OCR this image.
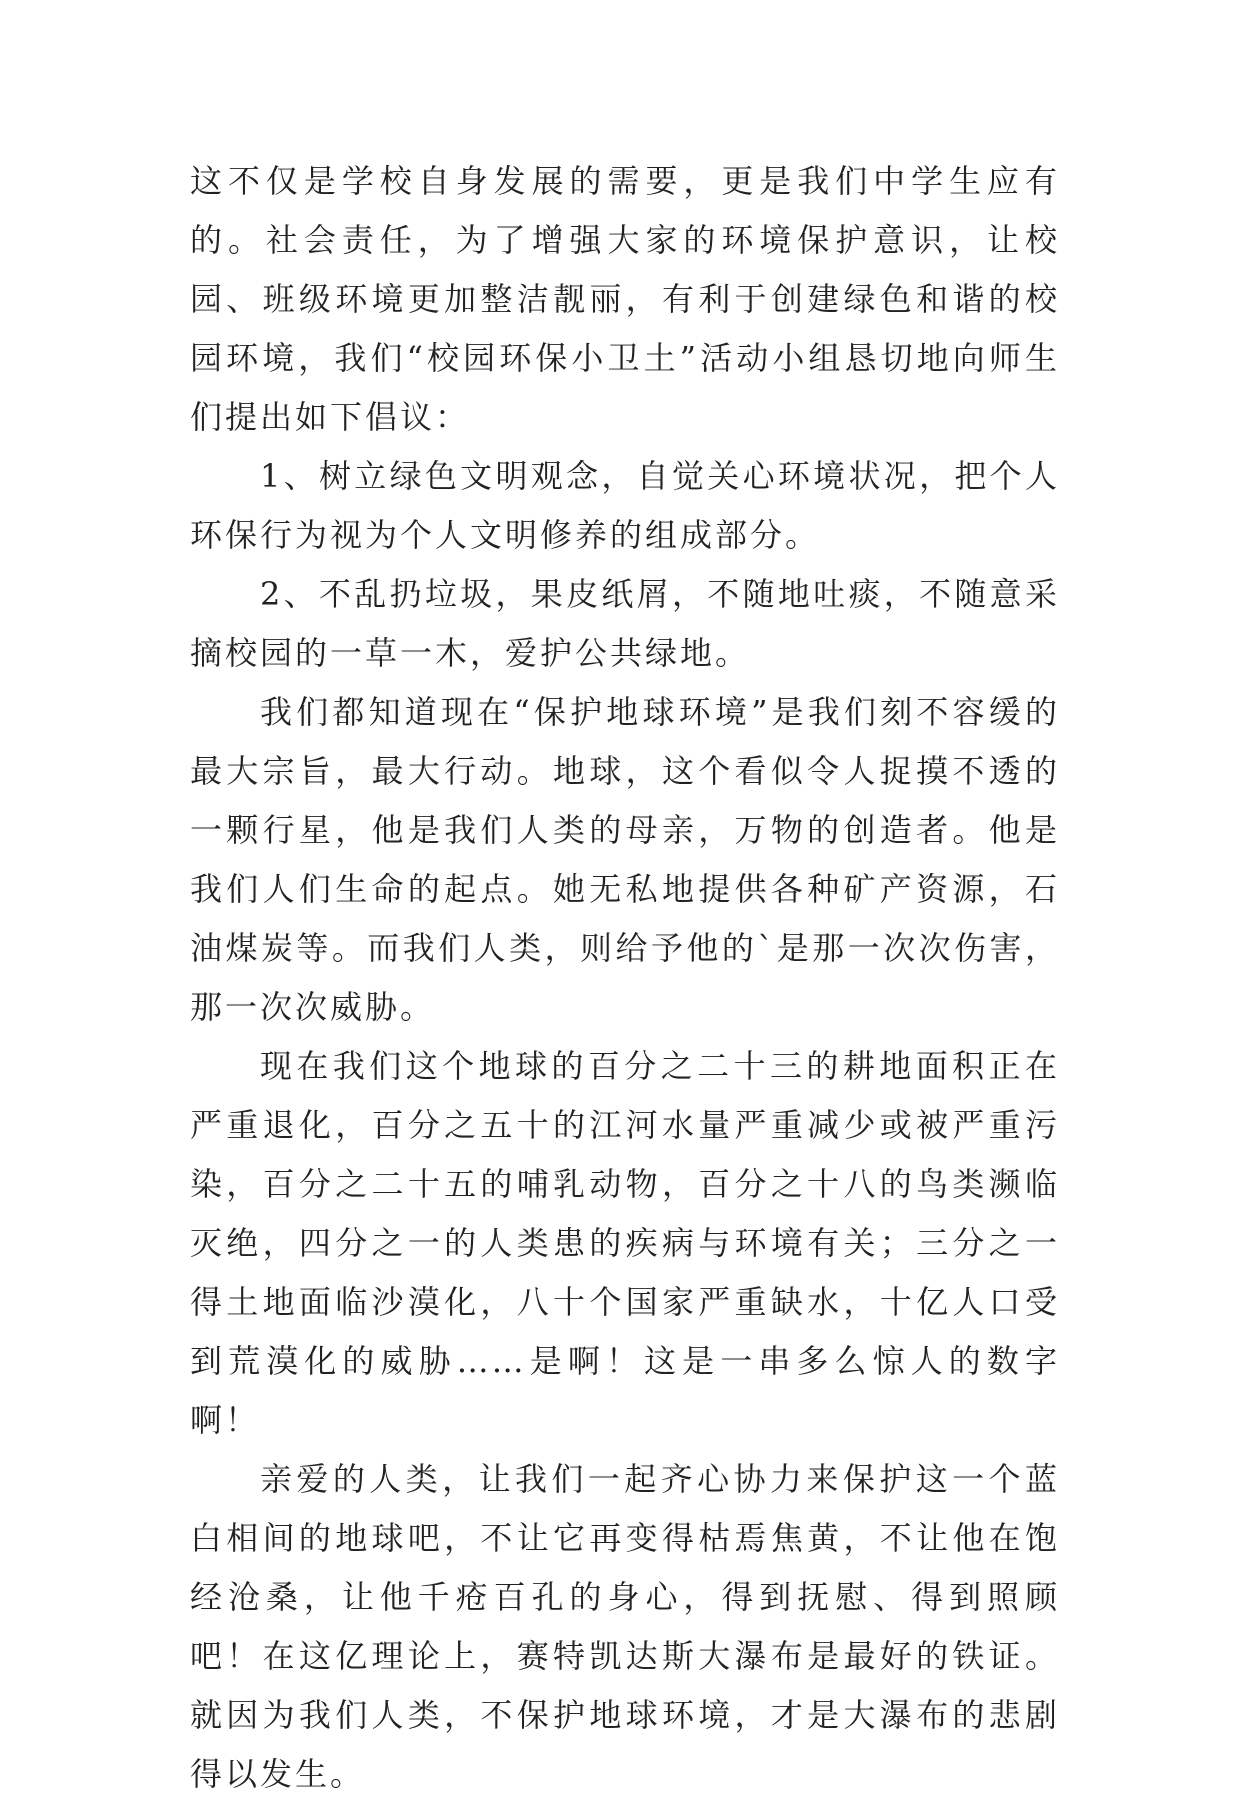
这不仅是学校自身发展的需要，更是我们中学生应有的。社会责任，为了增强大家的环境保护意识，让校园、班级环境更加整洁靓丽，有利于创建绿色和谐的校园环境，我们“校园环保小卫土”活动小组恳切地向师生们提出如下倡议：

1、树立绿色文明观念，自觉关心环境状况，把个人环保行为视为个人文明修养的组成部分。

2、不乱扔垃圾，果皮纸屑，不随地吐痰，不随意采摘校园的一草一木，爱护公共绿地。

我们都知道现在“保护地球环境”是我们刻不容缓的最大宗旨，最大行动。地球，这个看似令人捉摸不透的一颗行星，他是我们人类的母亲，万物的创造者。他是我们人们生命的起点。她无私地提供各种矿产资源，石油煤炭等。而我们人类，则给予他的`是那一次次伤害，那一次次威胁。

现在我们这个地球的百分之二十三的耕地面积正在严重退化，百分之五十的江河水量严重减少或被严重污染，百分之二十五的哺乳动物，百分之十八的鸟类濒临灭绝，四分之一的人类患的疾病与环境有关；三分之一得土地面临沙漠化，八十个国家严重缺水，十亿人口受到荒漠化的威胁……是啊！这是一串多么惊人的数字啊！

亲爱的人类，让我们一起齐心协力来保护这一个蓝白相间的地球吧，不让它再变得枯焉焦黄，不让他在饱经沧桑，让他千疮百孔的身心，得到抚慰、得到照顾吧！在这亿理论上，赛特凯达斯大瀑布是最好的铁证。就因为我们人类，不保护地球环境，才是大瀑布的悲剧得以发生。
